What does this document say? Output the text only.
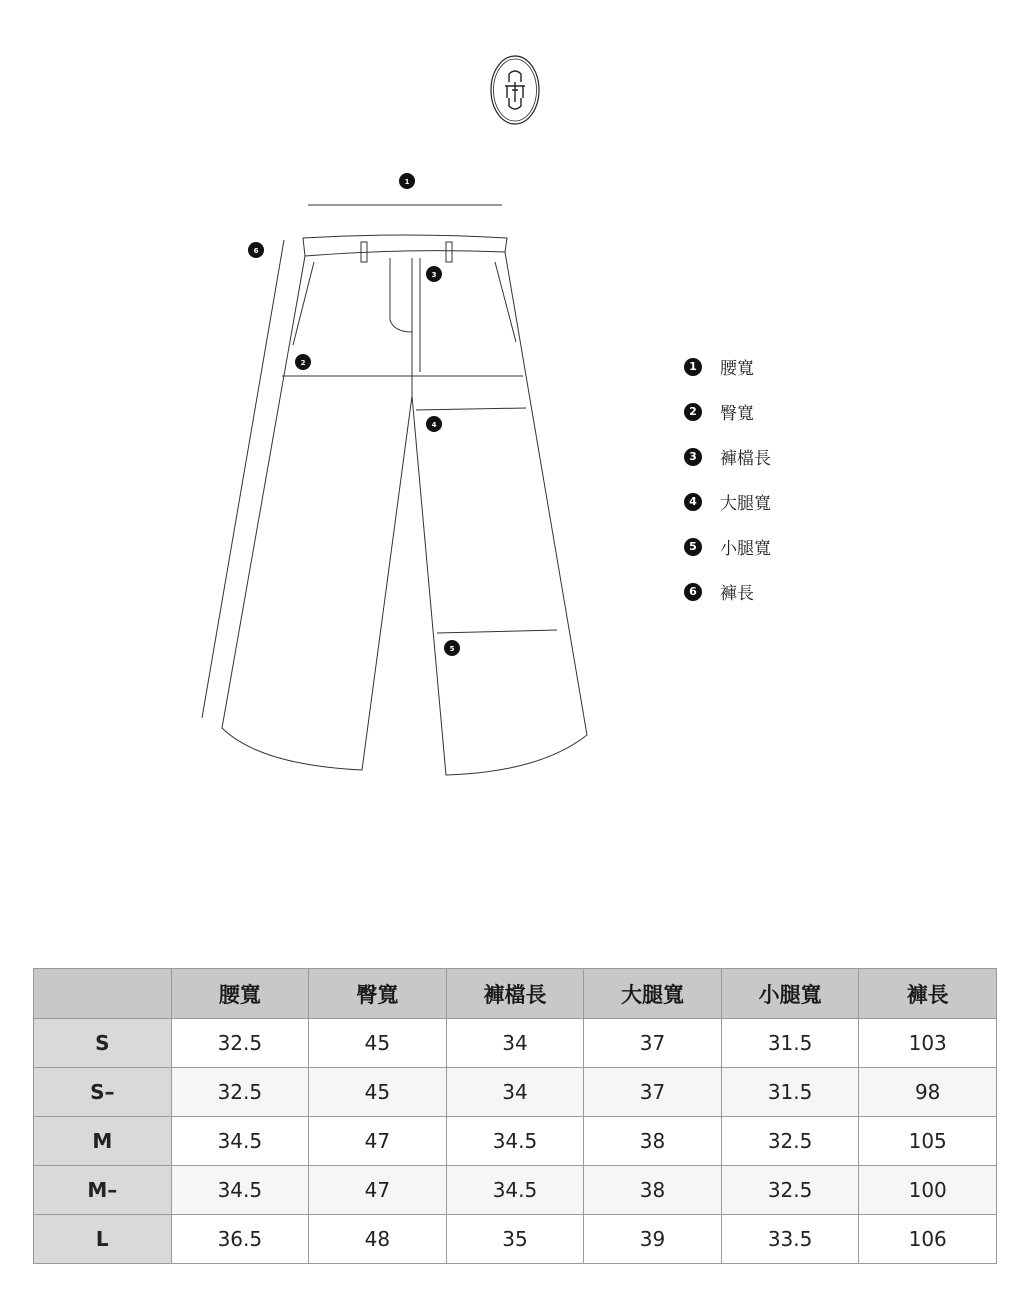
1
2
3
4
5
6
1	腰寬
2	臀寬
3	褲檔長
4	大腿寬
5	小腿寬
6	褲長
	腰寬	臀寬	褲檔長	大腿寬	小腿寬	褲長
S	32.5	45	34	37	31.5	103
S–	32.5	45	34	37	31.5	98
M	34.5	47	34.5	38	32.5	105
M–	34.5	47	34.5	38	32.5	100
L	36.5	48	35	39	33.5	106
